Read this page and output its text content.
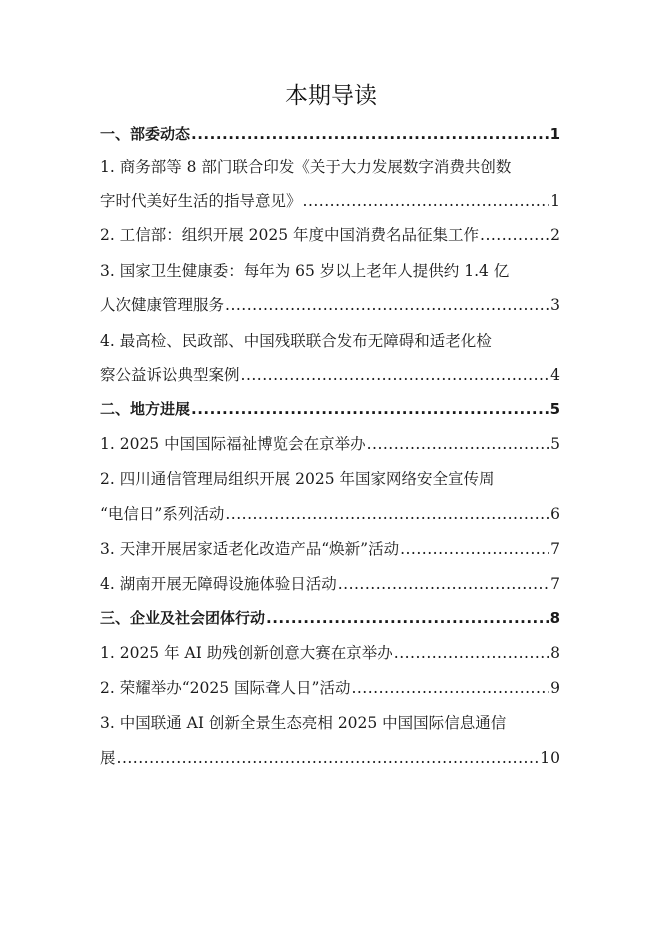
本期导读
一、 部委动态 .....	1
1. 商务部等 8 部门联合印发《关于大力发展数字消费共创数
字时代美好生活的指导意见》 .....	1
2. 工信部：组织开展 2025 年度中国消费名品征集工作 .....	2
3. 国家卫生健康委：每年为 65 岁以上老年人提供约 1.4 亿
人次健康管理服务 .....	3
4. 最高检、民政部、中国残联联合发布无障碍和适老化检
察公益诉讼典型案例 .....	4
二、 地方进展 .....	5
1. 2025 中国国际福祉博览会在京举办 .....	5
2. 四川通信管理局组织开展 2025 年国家网络安全宣传周
“电信日”系列活动 .....	6
3. 天津开展居家适老化改造产品“焕新”活动 .....	7
4. 湖南开展无障碍设施体验日活动 .....	7
三、 企业及社会团体行动 .....	8
1. 2025 年 AI 助残创新创意大赛在京举办 .....	8
2. 荣耀举办“2025 国际聋人日”活动 .....	9
3. 中国联通 AI 创新全景生态亮相 2025 中国国际信息通信
展 .....	10
